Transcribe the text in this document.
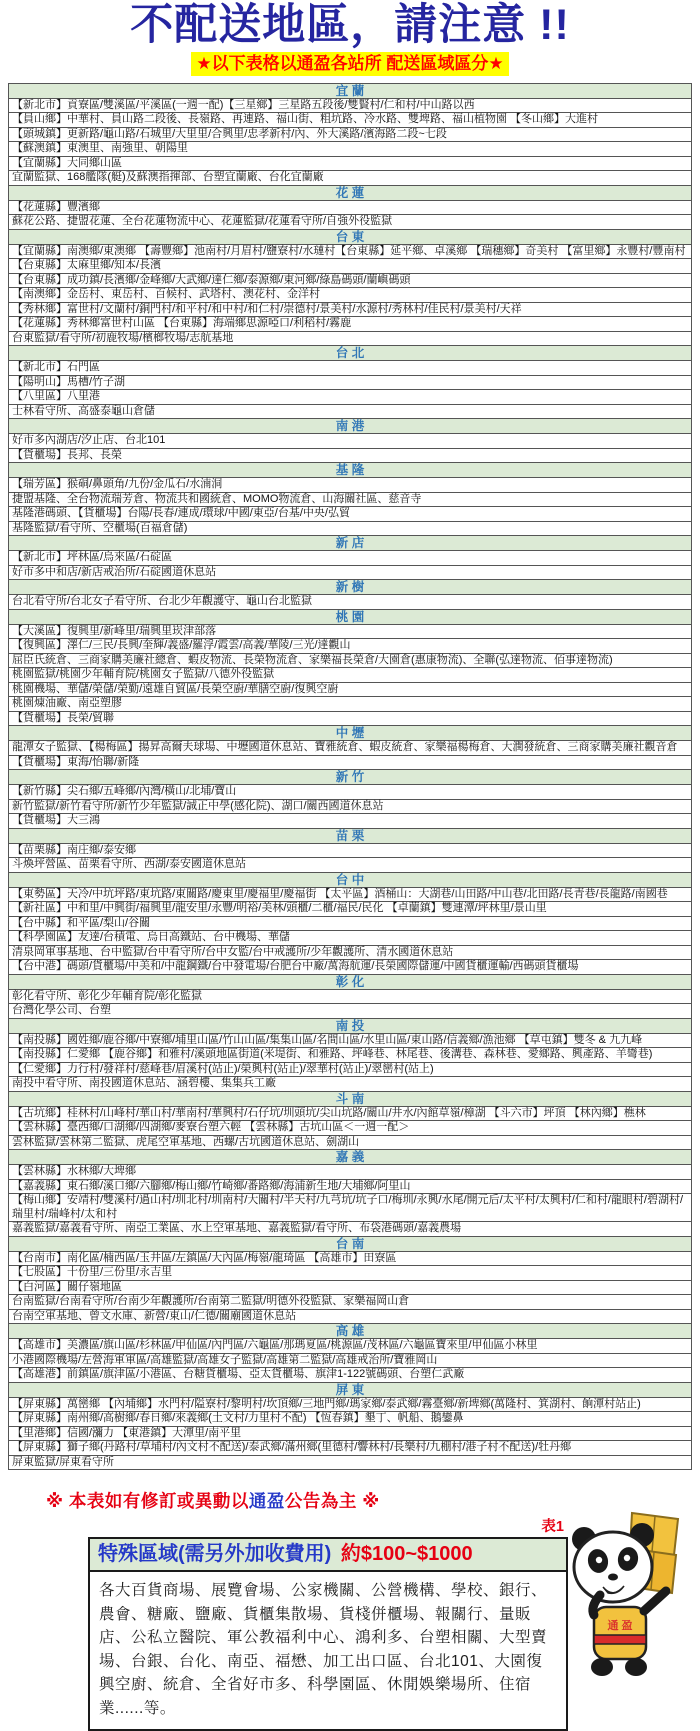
不配送地區，請注意 !!
★以下表格以通盈各站所 配送區域區分★
宜 蘭
【新北市】貢寮區/雙溪區/平溪區(一週一配)【三星鄉】三星路五段後/雙賢村/仁和村/中山路以西
【員山鄉】中華村、員山路二段後、長嶺路、再連路、福山街、粗坑路、冷水路、雙埤路、福山植物園 【冬山鄉】大進村
【頭城鎮】更新路/龜山路/石城里/大里里/合興里/忠孝新村/內、外大溪路/濱海路二段~七段
【蘇澳鎮】東澳里、南強里、朝陽里
【宜蘭縣】大同鄉山區
宜蘭監獄、168艦隊(艇)及蘇澳指揮部、台塑宜蘭廠、台化宜蘭廠
花 蓮
【花蓮縣】豐濱鄉
蘇花公路、捷盟花蓮、全台花蓮物流中心、花蓮監獄/花蓮看守所/自強外役監獄
台 東
【宜蘭縣】南澳鄉/東澳鄉 【壽豐鄉】池南村/月眉村/鹽寮村/水璉村【台東縣】延平鄉、卓溪鄉 【瑞穗鄉】奇美村 【富里鄉】永豐村/豐南村
【台東縣】太麻里鄉/知本/長濱
【台東縣】成功鎮/長濱鄉/金峰鄉/大武鄉/達仁鄉/泰源鄉/東河鄉/綠島碼頭/蘭嶼碼頭
【南澳鄉】金岳村、東岳村、百候村、武塔村、澳花村、金洋村
【秀林鄉】富世村/文蘭村/銅門村/和平村/和中村/和仁村/崇德村/景美村/水源村/秀林村/佳民村/景美村/天祥
【花蓮縣】秀林鄉富世村山區 【台東縣】海端鄉思源啞口/利稻村/霧鹿
台東監獄/看守所/初鹿牧場/檳榔牧場/志航基地
台 北
【新北市】石門區
【陽明山】馬槽/竹子湖
【八里區】八里港
士林看守所、高盛泰龜山倉儲
南 港
好市多內湖店/汐止店、台北101
【貨櫃場】長邦、長榮
基 隆
【瑞芳區】猴硐/鼻頭角/九份/金瓜石/水湳洞
捷盟基隆、全台物流瑞芳倉、物流共和國統倉、MOMO物流倉、山海關社區、慈音寺
基隆港碼頭、【貨櫃場】台陽/長春/連成/環球/中國/東亞/台基/中央/弘貿
基隆監獄/看守所、空櫃場(百福倉儲)
新 店
【新北市】坪林區/烏來區/石碇區
好市多中和店/新店戒治所/石碇國道休息站
新 樹
台北看守所/台北女子看守所、台北少年觀護守、龜山台北監獄
桃 園
【大溪區】復興里/新峰里/瑞興里崁津部落
【復興區】澤仁/三民/長興/奎輝/義盛/羅浮/霞雲/高義/華陵/三光/達觀山
屈臣氏統倉、三商家購美廉社總倉、蝦皮物流、長榮物流倉、家樂福長榮倉/大園倉(惠康物流)、全聯(弘達物流、佰事達物流)
桃園監獄/桃園少年輔育院/桃園女子監獄/八德外役監獄
桃園機場、華儲/榮儲/榮勤/遠雄自貿區/長榮空廚/華膳空廚/復興空廚
桃園煉油廠、南亞塑膠
【貨櫃場】長榮/貿聯
中 壢
龍潭女子監獄、【楊梅區】揚昇高爾夫球場、中壢國道休息站、寶雅統倉、蝦皮統倉、家樂福楊梅倉、大潤發統倉、三商家購美廉社觀音倉
【貨櫃場】東海/怡聯/新隆
新 竹
【新竹縣】尖石鄉/五峰鄉/內灣/橫山/北埔/寶山
新竹監獄/新竹看守所/新竹少年監獄/誠正中學(感化院)、湖口/關西國道休息站
【貨櫃場】大三鴻
苗 栗
【苗栗縣】南庄鄉/泰安鄉
斗煥坪營區、苗栗看守所、西湖/泰安國道休息站
台 中
【東勢區】天冷/中坑坪路/東坑路/東關路/慶東里/慶福里/慶福街 【太平區】酒桶山：大湖巷/山田路/中山巷/北田路/長青巷/長龍路/南國巷
【新社區】中和里/中興街/福興里/龍安里/永豐/明裕/美林/頭櫃/二櫃/福民/民化 【卓蘭鎮】雙連潭/坪林里/景山里
【台中縣】和平區/梨山/谷關
【科學園區】友達/台積電、烏日高鐵站、台中機場、華儲
清泉岡軍事基地、台中監獄/台中看守所/台中女監/台中戒護所/少年觀護所、清水國道休息站
【台中港】碼頭/貨櫃場/中美和/中龍鋼鐵/台中發電場/台肥台中廠/萬海航運/長榮國際儲運/中國貨櫃運輸/西碼頭貨櫃場
彰 化
彰化看守所、彰化少年輔育院/彰化監獄
台灣化學公司、台塑
南 投
【南投縣】國姓鄉/鹿谷鄉/中寮鄉/埔里山區/竹山山區/集集山區/名間山區/水里山區/東山路/信義鄉/漁池鄉 【草屯鎮】雙冬 & 九九峰
【南投縣】仁愛鄉 【鹿谷鄉】和雅村/溪頭地區街道(米堤街、和雅路、坪峰巷、林尾巷、後溝巷、森林巷、愛鄉路、興產路、羊彎巷)
【仁愛鄉】力行村/發祥村/慈峰巷/眉溪村(站止)/榮興村(站止)/翠華村(站止)/翠巒村(站上)
南投中看守所、南投國道休息站、涵碧樓、集集兵工廠
斗 南
【古坑鄉】桂林村/山峰村/華山村/華南村/華興村/石仔坑/圳頭坑/尖山坑路/關山/井水/內館草嶺/樟湖 【斗六市】坪頂 【林內鄉】樵林
【雲林縣】臺西鄉/口湖鄉/四湖鄉/麥寮台塑六輕 【雲林縣】古坑山區＜一週一配＞
雲林監獄/雲林第二監獄、虎尾空軍基地、西螺/古坑國道休息站、劍湖山
嘉 義
【雲林縣】水林鄉/大埤鄉
【嘉義縣】東石鄉/溪口鄉/六腳鄉/梅山鄉/竹崎鄉/番路鄉/海浦新生地/大埔鄉/阿里山
【梅山鄉】安靖村/雙溪村/過山村/圳北村/圳南村/大關村/半天村/九芎坑/坑子口/梅圳/永興/水尾/開元后/太平村/太興村/仁和村/龍眼村/碧湖村/瑞里村/瑞峰村/太和村
嘉義監獄/嘉義看守所、南亞工業區、水上空軍基地、嘉義監獄/看守所、布袋港碼頭/嘉義農場
台 南
【台南市】南化區/楠西區/玉井區/左鎮區/大內區/梅嶺/龍琦區 【高雄市】田寮區
【七股區】十份里/三份里/永吉里
【白河區】關仔嶺地區
台南監獄/台南看守所/台南少年觀護所/台南第二監獄/明德外役監獄、家樂福岡山倉
台南空軍基地、曾文水庫、新營/東山/仁德/關廟國道休息站
高 雄
【高雄市】美濃區/旗山區/杉林區/甲仙區/內門區/六龜區/那瑪夏區/桃源區/茂林區/六龜區寶來里/甲仙區小林里
小港國際機場/左營海軍軍區/高雄監獄/高雄女子監獄/高雄第二監獄/高雄戒治所/寶雅岡山
【高雄港】前鎮區/旗津區/小港區、台糖貨櫃場、亞太貨櫃場、旗津1-122號碼頭、台塑仁武廠
屏 東
【屏東縣】萬巒鄉 【內埔鄉】水門村/隘寮村/黎明村/坎頂鄉/三地門鄉/瑪家鄉/泰武鄉/霧臺鄉/新埤鄉(萬隆村、箕湖村、餉潭村站止)
【屏東縣】南州鄉/高樹鄉/春日鄉/來義鄉(土文村/力里村不配) 【恆春鎮】墾丁、帆船、鵝鑾鼻
【里港鄉】信國/瀰力 【東港鎮】大潭里/南平里
【屏東縣】獅子鄉(丹路村/草埔村/內文村不配送)/泰武鄉/滿州鄉(里德村/響林村/長樂村/九棚村/港子村不配送)/牡丹鄉
屏東監獄/屏東看守所
※ 本表如有修訂或異動以通盈公告為主 ※
表1
特殊區域(需另外加收費用) 約$100~$1000
各大百貨商場、展覽會場、公家機關、公營機構、學校、銀行、農會、糖廠、鹽廠、貨櫃集散場、貨棧併櫃場、報關行、量販店、公私立醫院、軍公教福利中心、鴻利多、台塑相關、大型賣場、台銀、台化、南亞、福懋、加工出口區、台北101、大園復興空廚、統倉、全省好市多、科學園區、休閒娛樂場所、住宿業......等。
通 盈
